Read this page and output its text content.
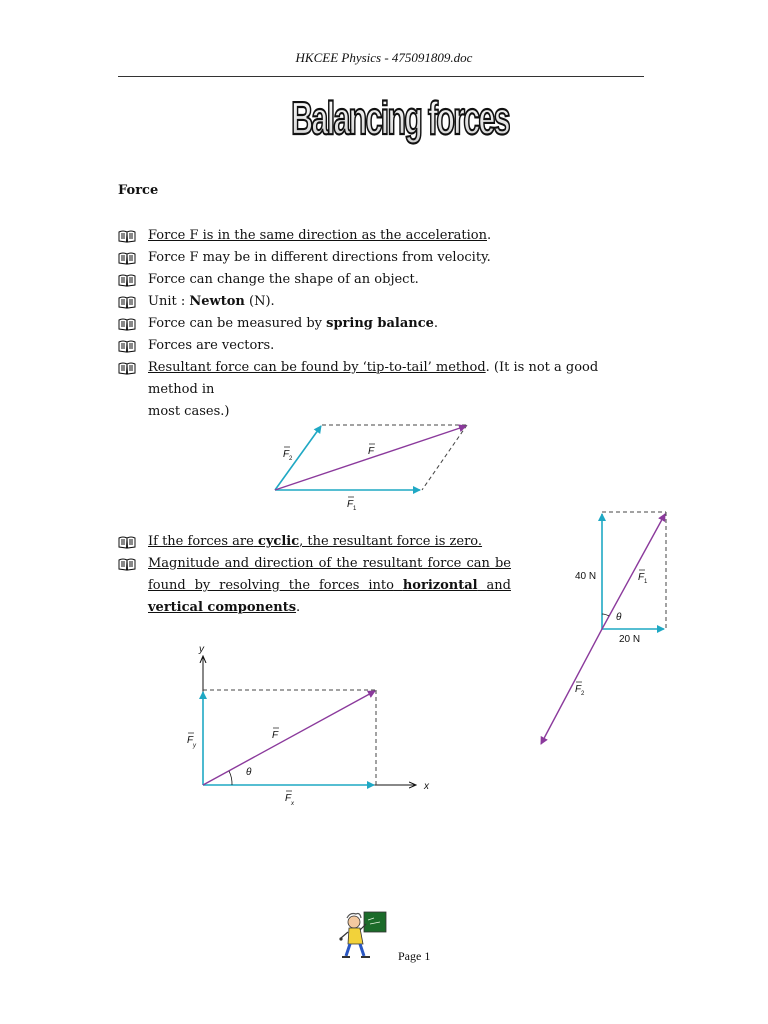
HKCEE Physics - 475091809.doc
Balancing forces
Force
Force F is in the same direction as the acceleration.
Force F may be in different directions from velocity.
Force can change the shape of an object.
Unit : Newton (N).
Force can be measured by spring balance.
Forces are vectors.
Resultant force can be found by ‘tip-to-tail’ method. (It is not a good method in
most cases.)
F
F 2
F 1
If the forces are cyclic, the resultant force is zero.
Magnitude and direction of the resultant force can be
found by resolving the forces into horizontal and
vertical components.
40 N
20 N
θ
F 1
F 2
y
x
θ
F
F y
F x
Page 1
